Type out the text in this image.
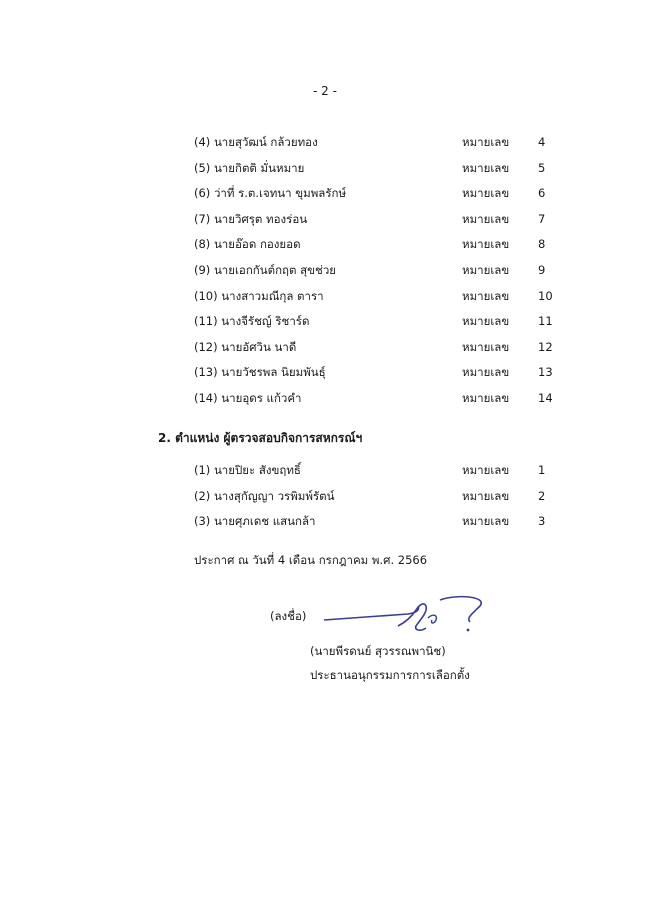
- 2 -
(4) นายสุวัฒน์ กล้วยทอง	หมายเลข	4
(5) นายกิตติ มั่นหมาย	หมายเลข	5
(6) ว่าที่ ร.ต.เจทนา ขุมพลรักษ์	หมายเลข	6
(7) นายวิศรุต ทองร่อน	หมายเลข	7
(8) นายอ๊อด กองยอด	หมายเลข	8
(9) นายเอกกันต์กฤต สุขช่วย	หมายเลข	9
(10) นางสาวมณีกุล ตารา	หมายเลข	10
(11) นางจีรัชญ์ ริชาร์ด	หมายเลข	11
(12) นายอัศวิน นาดี	หมายเลข	12
(13) นายวัชรพล นิยมพันธุ์	หมายเลข	13
(14) นายอุดร แก้วคำ	หมายเลข	14
2. ตำแหน่ง ผู้ตรวจสอบกิจการสหกรณ์ฯ
(1) นายปิยะ สังขฤทธิ์	หมายเลข	1
(2) นางสุกัญญา วรพิมพ์รัตน์	หมายเลข	2
(3) นายศุภเดช แสนกล้า	หมายเลข	3
ประกาศ ณ วันที่ 4 เดือน กรกฎาคม พ.ศ. 2566
(ลงชื่อ)
(นายพีรดนย์ สุวรรณพานิช)
ประธานอนุกรรมการการเลือกตั้ง
